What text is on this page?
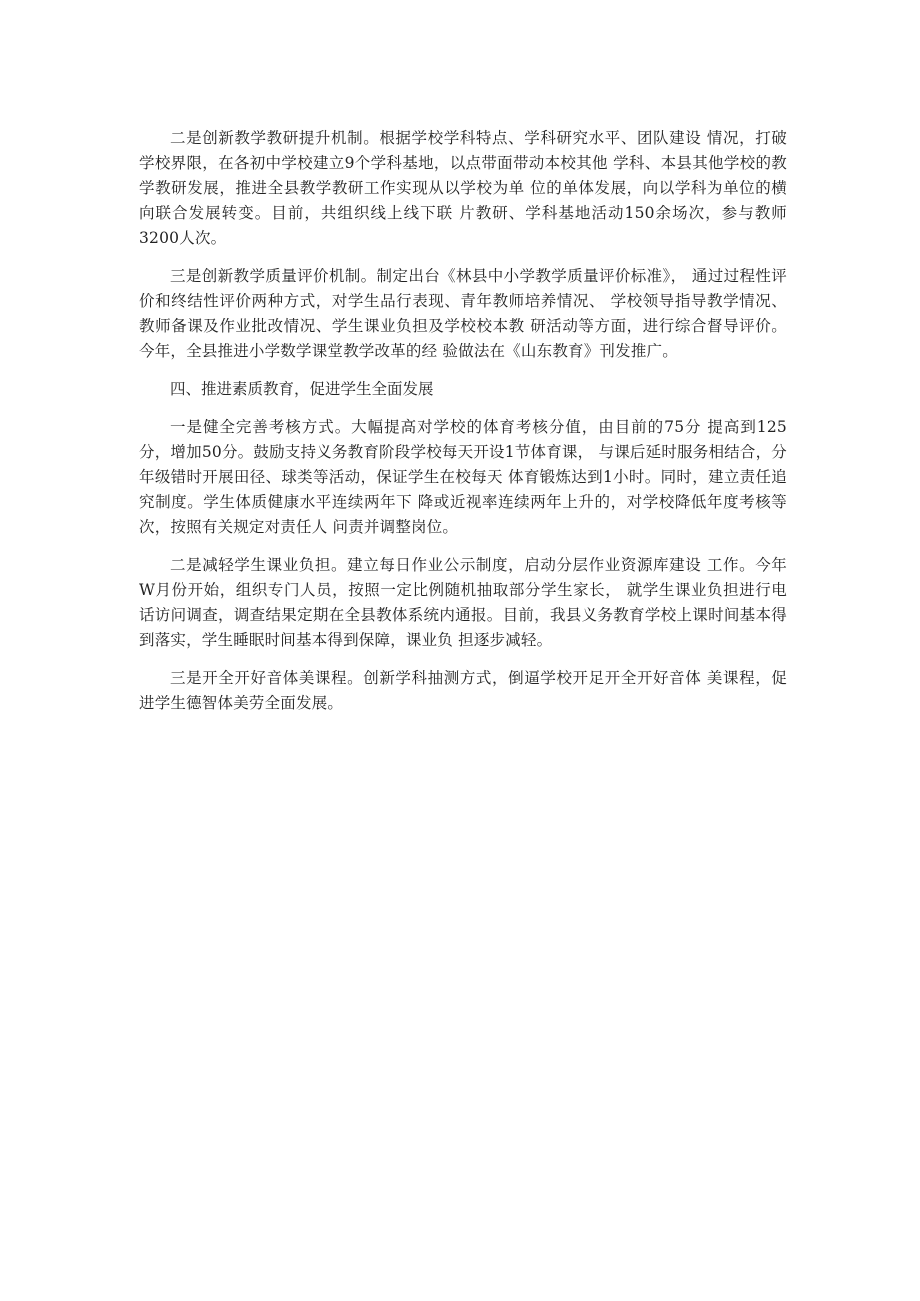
二是创新教学教研提升机制。根据学校学科特点、学科研究水平、团队建设 情况，打破学校界限，在各初中学校建立9个学科基地，以点带面带动本校其他 学科、本县其他学校的教学教研发展，推进全县教学教研工作实现从以学校为单 位的单体发展，向以学科为单位的横向联合发展转变。目前，共组织线上线下联 片教研、学科基地活动150余场次，参与教师3200人次。

三是创新教学质量评价机制。制定出台《林县中小学教学质量评价标准》， 通过过程性评价和终结性评价两种方式，对学生品行表现、青年教师培养情况、 学校领导指导教学情况、教师备课及作业批改情况、学生课业负担及学校校本教 研活动等方面，进行综合督导评价。今年，全县推进小学数学课堂教学改革的经 验做法在《山东教育》刊发推广。

四、推进素质教育，促进学生全面发展

一是健全完善考核方式。大幅提高对学校的体育考核分值，由目前的75分 提高到125分，增加50分。鼓励支持义务教育阶段学校每天开设1节体育课， 与课后延时服务相结合，分年级错时开展田径、球类等活动，保证学生在校每天 体育锻炼达到1小时。同时，建立责任追究制度。学生体质健康水平连续两年下 降或近视率连续两年上升的，对学校降低年度考核等次，按照有关规定对责任人 问责并调整岗位。

二是减轻学生课业负担。建立每日作业公示制度，启动分层作业资源库建设 工作。今年W月份开始，组织专门人员，按照一定比例随机抽取部分学生家长， 就学生课业负担进行电话访问调查，调查结果定期在全县教体系统内通报。目前，我县义务教育学校上课时间基本得到落实，学生睡眠时间基本得到保障，课业负 担逐步减轻。

三是开全开好音体美课程。创新学科抽测方式，倒逼学校开足开全开好音体 美课程，促进学生德智体美劳全面发展。
